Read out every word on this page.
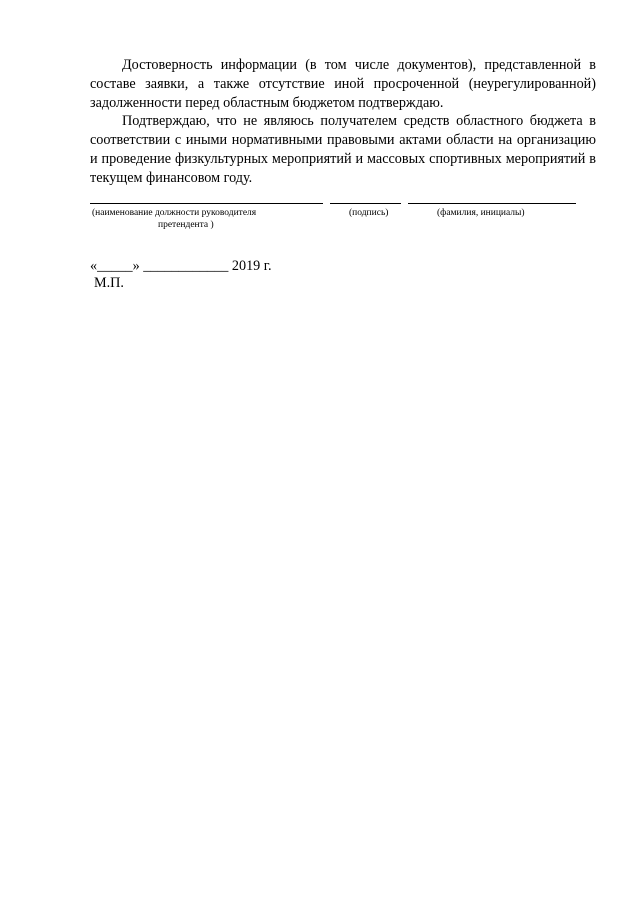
Достоверность информации (в том числе документов), представленной в составе заявки, а также отсутствие иной просроченной (неурегулированной) задолженности перед областным бюджетом подтверждаю.

Подтверждаю, что не являюсь получателем средств областного бюджета в соответствии с иными нормативными правовыми актами области на организацию и проведение физкультурных мероприятий и массовых спортивных мероприятий в текущем финансовом году.

(наименование должности руководителя
претендента )
(подпись)	(фамилия, инициалы)
«_____» ____________ 2019 г.
М.П.
